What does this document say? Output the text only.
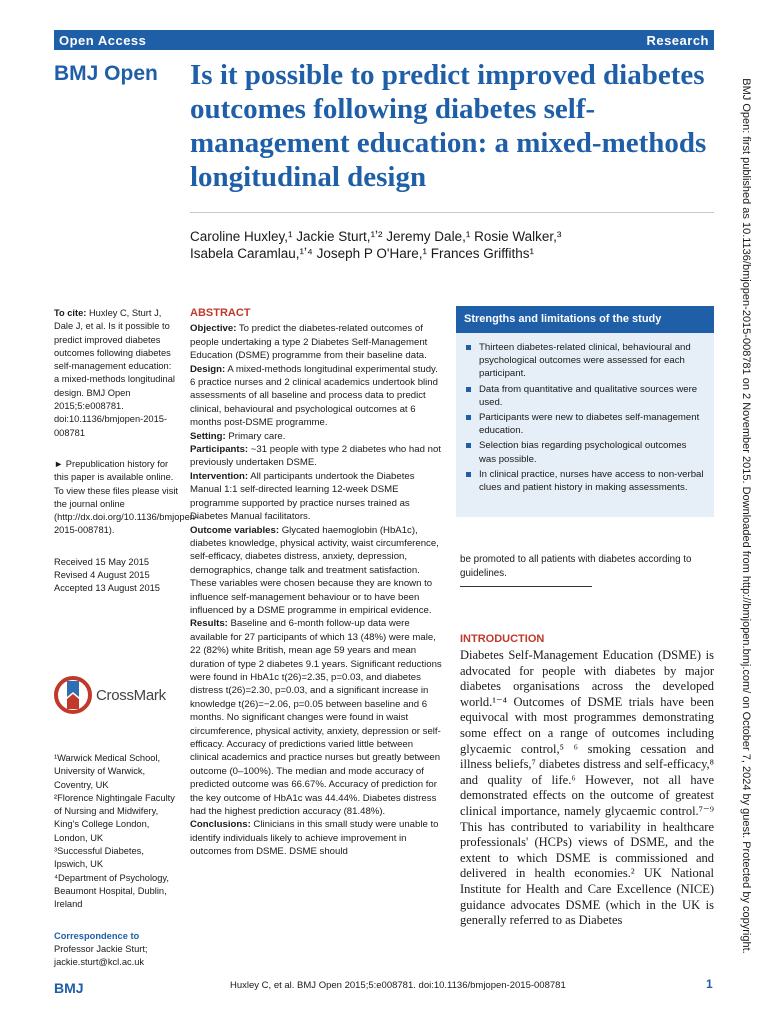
Open Access	Research
BMJ Open Is it possible to predict improved diabetes outcomes following diabetes self-management education: a mixed-methods longitudinal design
Caroline Huxley,¹ Jackie Sturt,¹ʼ² Jeremy Dale,¹ Rosie Walker,³
Isabela Caramlau,¹ʼ⁴ Joseph P O'Hare,¹ Frances Griffiths¹

To cite: Huxley C, Sturt J, Dale J, et al. Is it possible to predict improved diabetes outcomes following diabetes self-management education: a mixed-methods longitudinal design. BMJ Open 2015;5:e008781. doi:10.1136/bmjopen-2015-008781

► Prepublication history for this paper is available online. To view these files please visit the journal online (http://dx.doi.org/10.1136/bmjopen-2015-008781).

Received 15 May 2015
Revised 4 August 2015
Accepted 13 August 2015

CrossMark

¹Warwick Medical School, University of Warwick, Coventry, UK

²Florence Nightingale Faculty of Nursing and Midwifery, King's College London, London, UK

³Successful Diabetes, Ipswich, UK

⁴Department of Psychology, Beaumont Hospital, Dublin, Ireland

Correspondence to
Professor Jackie Sturt;
jackie.sturt@kcl.ac.uk

ABSTRACT

Objective: To predict the diabetes-related outcomes of people undertaking a type 2 Diabetes Self-Management Education (DSME) programme from their baseline data.

Design: A mixed-methods longitudinal experimental study. 6 practice nurses and 2 clinical academics undertook blind assessments of all baseline and process data to predict clinical, behavioural and psychological outcomes at 6 months post-DSME programme.

Setting: Primary care.

Participants: ~31 people with type 2 diabetes who had not previously undertaken DSME.

Intervention: All participants undertook the Diabetes Manual 1:1 self-directed learning 12-week DSME programme supported by practice nurses trained as Diabetes Manual facilitators.

Outcome variables: Glycated haemoglobin (HbA1c), diabetes knowledge, physical activity, waist circumference, self-efficacy, diabetes distress, anxiety, depression, demographics, change talk and treatment satisfaction. These variables were chosen because they are known to influence self-management behaviour or to have been influenced by a DSME programme in empirical evidence.

Results: Baseline and 6-month follow-up data were available for 27 participants of which 13 (48%) were male, 22 (82%) white British, mean age 59 years and mean duration of type 2 diabetes 9.1 years. Significant reductions were found in HbA1c t(26)=2.35, p=0.03, and diabetes distress t(26)=2.30, p=0.03, and a significant increase in knowledge t(26)=−2.06, p=0.05 between baseline and 6 months. No significant changes were found in waist circumference, physical activity, anxiety, depression or self-efficacy. Accuracy of predictions varied little between clinical academics and practice nurses but greatly between outcome (0–100%). The median and mode accuracy of predicted outcome was 66.67%. Accuracy of prediction for the key outcome of HbA1c was 44.44%. Diabetes distress had the highest prediction accuracy (81.48%).

Conclusions: Clinicians in this small study were unable to identify individuals likely to achieve improvement in outcomes from DSME. DSME should

Strengths and limitations of the study
Thirteen diabetes-related clinical, behavioural and psychological outcomes were assessed for each participant.
Data from quantitative and qualitative sources were used.
Participants were new to diabetes self-management education.
Selection bias regarding psychological outcomes was possible.
In clinical practice, nurses have access to non-verbal clues and patient history in making assessments.
be promoted to all patients with diabetes according to guidelines.
INTRODUCTION

Diabetes Self-Management Education (DSME) is advocated for people with diabetes by major diabetes organisations across the developed world.¹⁻⁴ Outcomes of DSME trials have been equivocal with most programmes demonstrating some effect on a range of outcomes including glycaemic control,⁵ ⁶ smoking cessation and illness beliefs,⁷ diabetes distress and self-efficacy,⁸ and quality of life.⁶ However, not all have demonstrated effects on the outcome of greatest clinical importance, namely glycaemic control.⁷⁻⁹ This has contributed to variability in healthcare professionals' (HCPs) views of DSME, and the extent to which DSME is commissioned and delivered in health economies.² UK National Institute for Health and Care Excellence (NICE) guidance advocates DSME (which in the UK is generally referred to as Diabetes	BMJ Open: first published as 10.1136/bmjopen-2015-008781 on 2 November 2015. Downloaded from http://bmjopen.bmj.com/ on October 7, 2024 by guest. Protected by copyright.
BMJ	Huxley C, et al. BMJ Open 2015;5:e008781. doi:10.1136/bmjopen-2015-008781	1
